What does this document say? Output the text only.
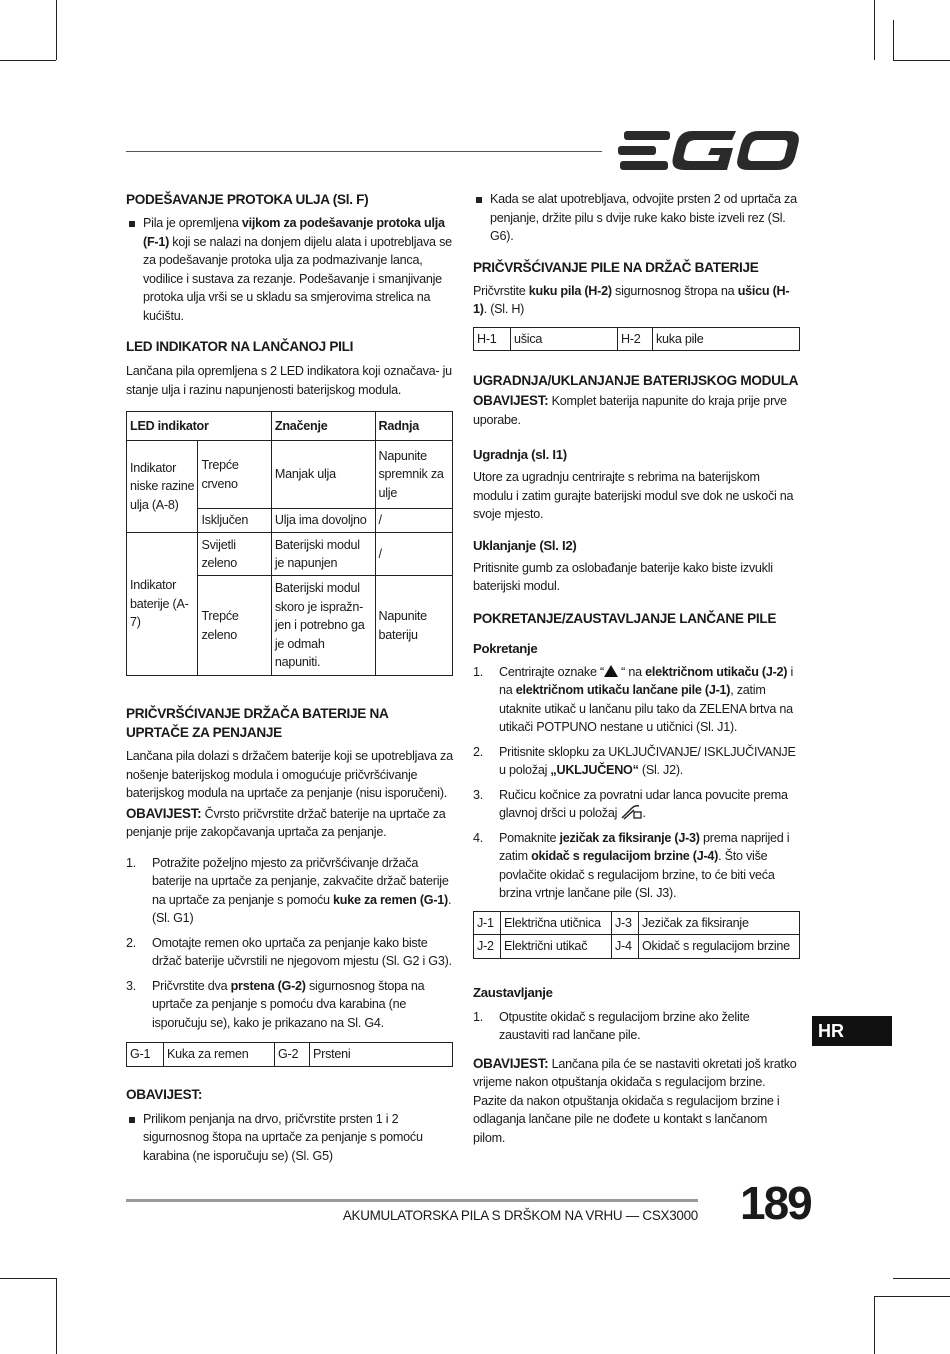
PODEŠAVANJE PROTOKA ULJA (Sl. F)
Pila je opremljena vijkom za podešavanje protoka ulja (F-1) koji se nalazi na donjem dijelu alata i upotrebljava se za podešavanje protoka ulja za podmazivanje lanca, vodilice i sustava za rezanje. Podešavanje i smanjivanje protoka ulja vrši se u skladu sa smjerovima strelica na kućištu.
LED INDIKATOR NA LANČANOJ PILI

Lančana pila opremljena s 2 LED indikatora koji označava- ju stanje ulja i razinu napunjenosti baterijskog modula.

LED indikator		Značenje	Radnja
Indikator niske razine ulja (A-8)	Trepće crveno	Manjak ulja	Napunite spremnik za ulje
	Isključen	Ulja ima dovoljno	/
Indikator baterije (A-7)	Svijetli zeleno	Baterijski modul je napunjen	/
	Trepće zeleno	Baterijski modul skoro je ispražn- jen i potrebno ga je odmah napuniti.	Napunite bateriju
PRIČVRŠĆIVANJE DRŽAČA BATERIJE NA UPRTAČE ZA PENJANJE

Lančana pila dolazi s držačem baterije koji se upotrebljava za nošenje baterijskog modula i omogućuje pričvršćivanje baterijskog modula na uprtače za penjanje (nisu isporučeni).

OBAVIJEST: Čvrsto pričvrstite držač baterije na uprtače za penjanje prije zakopčavanja uprtača za penjanje.

1. Potražite poželjno mjesto za pričvršćivanje držača baterije na uprtače za penjanje, zakvačite držač baterije na uprtače za penjanje s pomoću kuke za remen (G-1). (Sl. G1)
2. Omotajte remen oko uprtača za penjanje kako biste držač baterije učvrstili ne njegovom mjestu (Sl. G2 i G3).
3. Pričvrstite dva prstena (G-2) sigurnosnog štopa na uprtače za penjanje s pomoću dva karabina (ne isporučuju se), kako je prikazano na Sl. G4.
G-1	Kuka za remen	G-2	Prsteni
OBAVIJEST:
Prilikom penjanja na drvo, pričvrstite prsten 1 i 2 sigurnosnog štopa na uprtače za penjanje s pomoću karabina (ne isporučuju se) (Sl. G5)
Kada se alat upotrebljava, odvojite prsten 2 od uprtača za penjanje, držite pilu s dvije ruke kako biste izveli rez (Sl. G6).
PRIČVRŠĆIVANJE PILE NA DRŽAČ BATERIJE

Pričvrstite kuku pila (H-2) sigurnosnog štropa na ušicu (H-1). (Sl. H)

H-1	ušica	H-2	kuka pile
UGRADNJA/UKLANJANJE BATERIJSKOG MODULA

OBAVIJEST: Komplet baterija napunite do kraja prije prve uporabe.

Ugradnja (sl. I1)

Utore za ugradnju centrirajte s rebrima na baterijskom modulu i zatim gurajte baterijski modul sve dok ne uskoči na svoje mjesto.

Uklanjanje (Sl. I2)

Pritisnite gumb za oslobađanje baterije kako biste izvukli baterijski modul.

POKRETANJE/ZAUSTAVLJANJE LANČANE PILE
Pokretanje
1. Centrirajte oznake “ “ na električnom utikaču (J-2) i na električnom utikaču lančane pile (J-1), zatim utaknite utikač u lančanu pilu tako da ZELENA brtva na utikači POTPUNO nestane u utičnici (Sl. J1).
2. Pritisnite sklopku za UKLJUČIVANJE/ ISKLJUČIVANJE u položaj „UKLJUČENO“ (Sl. J2).
3. Ručicu kočnice za povratni udar lanca povucite prema glavnoj dršci u položaj .
4. Pomaknite jezičak za fiksiranje (J-3) prema naprijed i zatim okidač s regulacijom brzine (J-4). Što više povlačite okidač s regulacijom brzine, to će biti veća brzina vrtnje lančane pile (Sl. J3).
J-1	Električna utičnica	J-3	Jezičak za fiksiranje
J-2	Električni utikač	J-4	Okidač s regulacijom brzine
Zaustavljanje
1. Otpustite okidač s regulacijom brzine ako želite zaustaviti rad lančane pile.

OBAVIJEST: Lančana pila će se nastaviti okretati još kratko vrijeme nakon otpuštanja okidača s regulacijom brzine. Pazite da nakon otpuštanja okidača s regulacijom brzine i odlaganja lančane pile ne dođete u kontakt s lančanom pilom.

HR
AKUMULATORSKA PILA S DRŠKOM NA VRHU — CSX3000 189
